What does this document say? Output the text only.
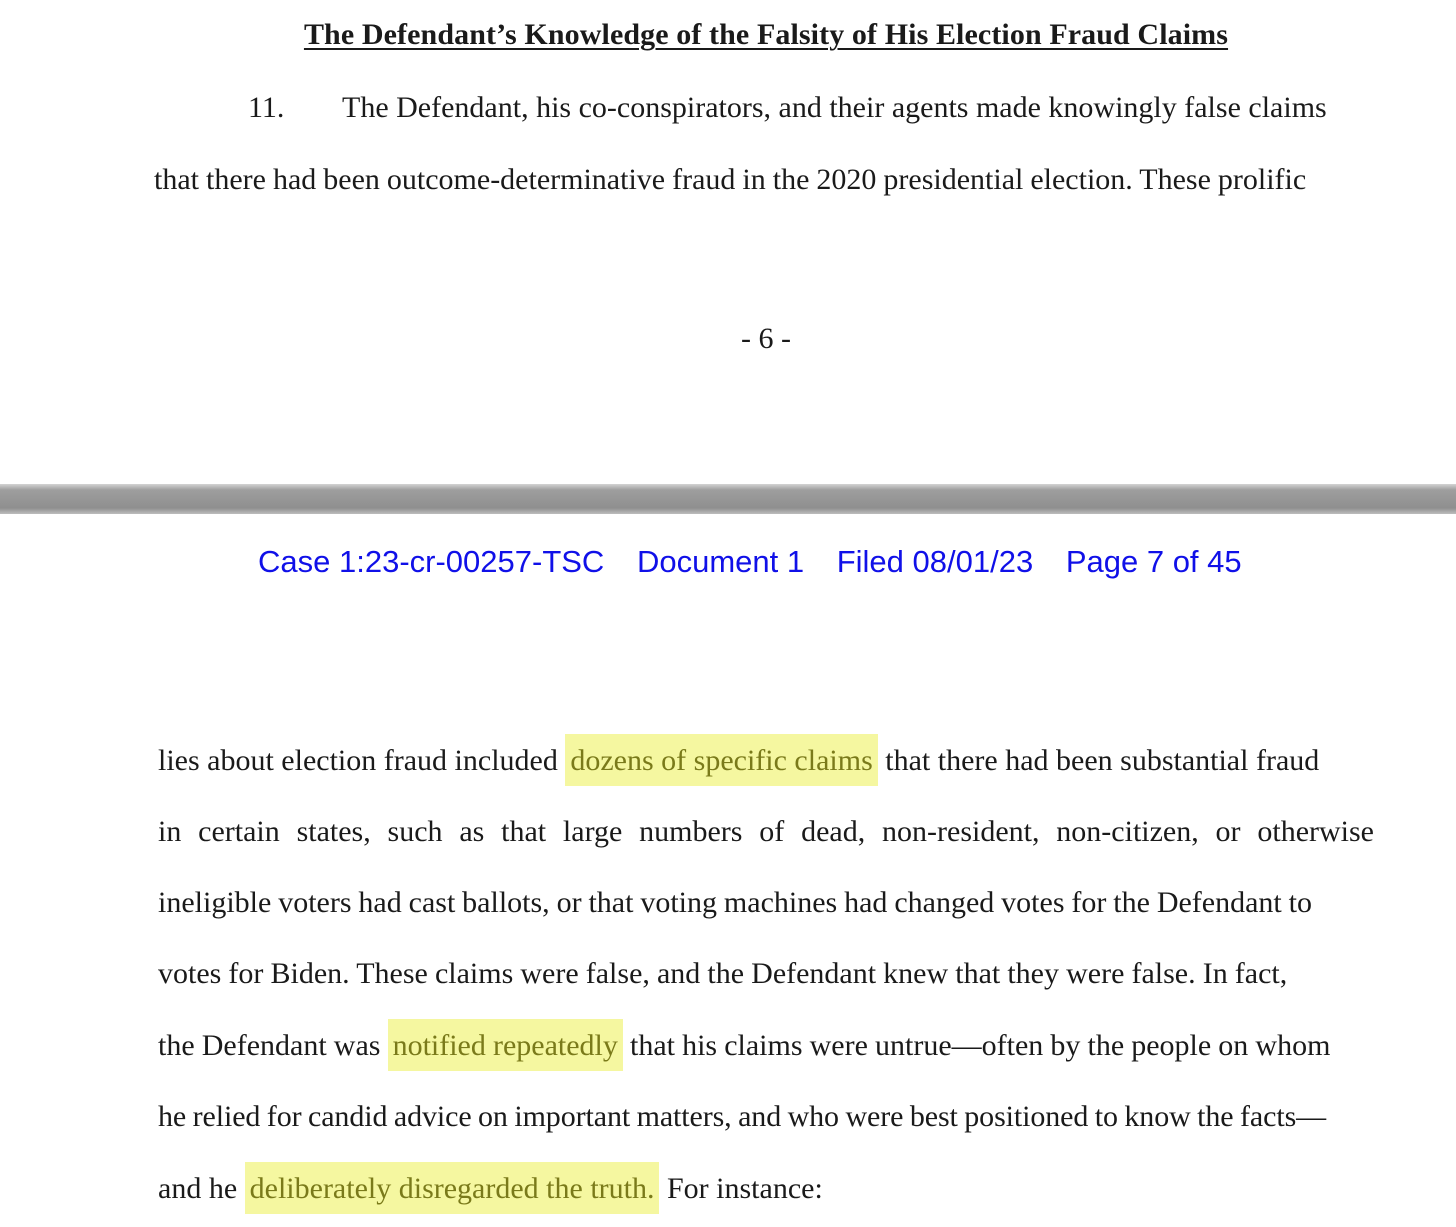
The Defendant’s Knowledge of the Falsity of His Election Fraud Claims
11. The Defendant, his co-conspirators, and their agents made knowingly false claims
that there had been outcome-determinative fraud in the 2020 presidential election. These prolific
- 6 -
Case 1:23-cr-00257-TSC Document 1 Filed 08/01/23 Page 7 of 45
lies about election fraud included dozens of specific claims that there had been substantial fraud
in certain states, such as that large numbers of dead, non-resident, non-citizen, or otherwise
ineligible voters had cast ballots, or that voting machines had changed votes for the Defendant to
votes for Biden. These claims were false, and the Defendant knew that they were false. In fact,
the Defendant was notified repeatedly that his claims were untrue—often by the people on whom
he relied for candid advice on important matters, and who were best positioned to know the facts—
and he deliberately disregarded the truth. For instance:
